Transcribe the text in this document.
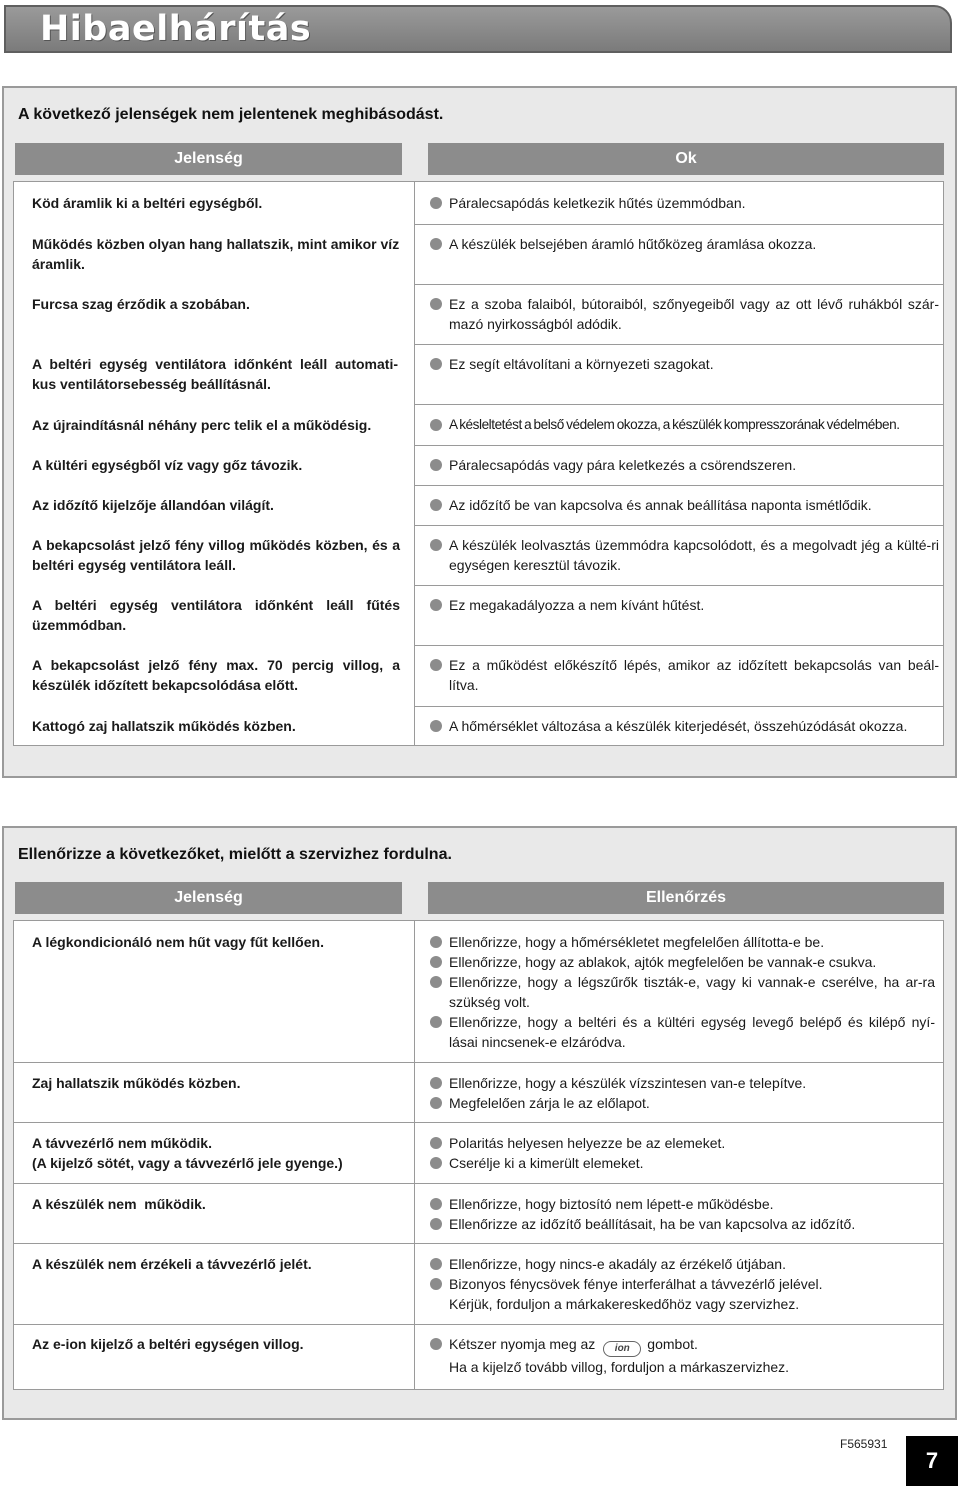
Hibaelhárítás
A következő jelenségek nem jelentenek meghibásodást.
Jelenség	Ok
Köd áramlik ki a beltéri egységből.
Működés közben olyan hang hallatszik, mint amikor víz áramlik.
Furcsa szag érződik a szobában.
A beltéri egység ventilátora időnként leáll automati-kus ventilátorsebesség beállításnál.
Az újraindításnál néhány perc telik el a működésig.
A kültéri egységből víz vagy gőz távozik.
Az időzítő kijelzője állandóan világít.
A bekapcsolást jelző fény villog működés közben, és a beltéri egység ventilátora leáll.
A beltéri egység ventilátora időnként leáll fűtés üzemmódban.
A bekapcsolást jelző fény max. 70 percig villog, a készülék időzített bekapcsolódása előtt.
Kattogó zaj hallatszik működés közben.
Páralecsapódás keletkezik hűtés üzemmódban.
A készülék belsejében áramló hűtőközeg áramlása okozza.
Ez a szoba falaiból, bútoraiból, szőnyegeiből vagy az ott lévő ruhákból szár-mazó nyirkosságból adódik.
Ez segít eltávolítani a környezeti szagokat.
A késleltetést a belső védelem okozza, a készülék kompresszorának védelmében.
Páralecsapódás vagy pára keletkezés a csörendszeren.
Az időzítő be van kapcsolva és annak beállítása naponta ismétlődik.
A készülék leolvasztás üzemmódra kapcsolódott, és a megolvadt jég a külté-ri egységen keresztül távozik.
Ez megakadályozza a nem kívánt hűtést.
Ez a működést előkészítő lépés, amikor az időzített bekapcsolás van beál-lítva.
A hőmérséklet változása a készülék kiterjedését, összehúzódását okozza.
Ellenőrizze a következőket, mielőtt a szervizhez fordulna.
Jelenség	Ellenőrzés
A légkondicionáló nem hűt vagy fűt kellően.
Zaj hallatszik működés közben.
A távvezérlő nem működik.
(A kijelző sötét, vagy a távvezérlő jele gyenge.)
A készülék nem  működik.
A készülék nem érzékeli a távvezérlő jelét.
Az e-ion kijelző a beltéri egységen villog.
Ellenőrizze, hogy a hőmérsékletet megfelelően állította-e be.
Ellenőrizze, hogy az ablakok, ajtók megfelelően be vannak-e csukva.
Ellenőrizze, hogy a légszűrők tiszták-e, vagy ki vannak-e cserélve, ha ar-ra szükség volt.
Ellenőrizze, hogy a beltéri és a kültéri egység levegő belépő és kilépő nyí-lásai nincsenek-e elzáródva.
Ellenőrizze, hogy a készülék vízszintesen van-e telepítve.
Megfelelően zárja le az előlapot.
Polaritás helyesen helyezze be az elemeket.
Cserélje ki a kimerült elemeket.
Ellenőrizze, hogy biztosító nem lépett-e működésbe.
Ellenőrizze az időzítő beállításait, ha be van kapcsolva az időzítő.
Ellenőrizze, hogy nincs-e akadály az érzékelő útjában.
Bizonyos fénycsövek fénye interferálhat a távvezérlő jelével.
Kérjük, forduljon a márkakereskedőhöz vagy szervizhez.
Kétszer nyomja meg az ion gombot.
Ha a kijelző tovább villog, forduljon a márkaszervizhez.
F565931
7
